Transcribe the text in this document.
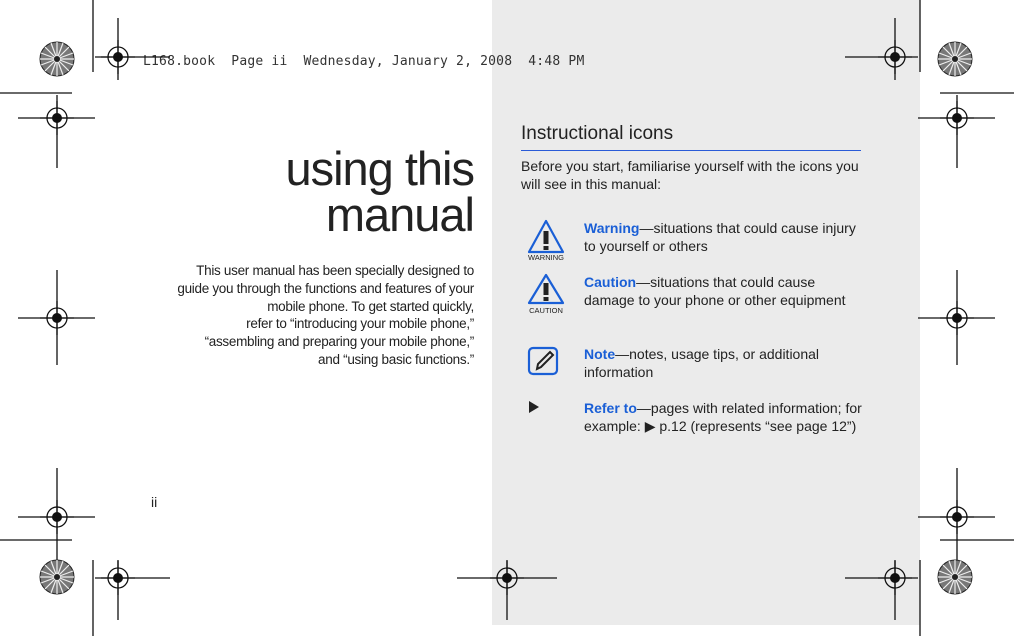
L168.book  Page ii  Wednesday, January 2, 2008  4:48 PM
using this
manual
This user manual has been specially designed to
guide you through the functions and features of your
mobile phone. To get started quickly,
refer to “introducing your mobile phone,”
“assembling and preparing your mobile phone,”
and “using basic functions.”
ii
Instructional icons
Before you start, familiarise yourself with the icons you will see in this manual:
WARNING
Warning—situations that could cause injury to yourself or others
CAUTION
Caution—situations that could cause damage to your phone or other equipment
Note—notes, usage tips, or additional information
Refer to—pages with related information; for example: ▶ p.12 (represents “see page 12”)
